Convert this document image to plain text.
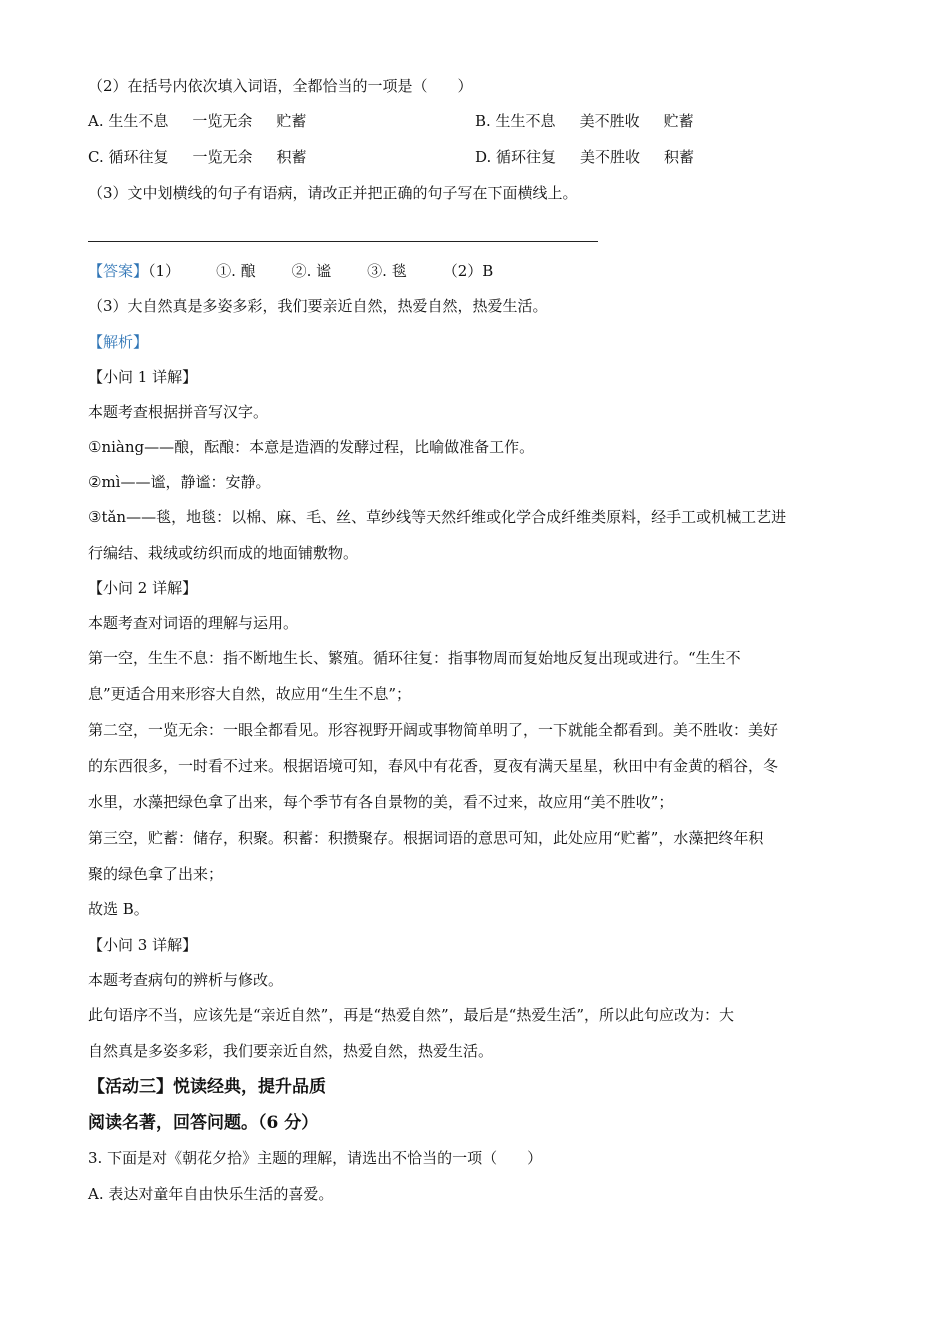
（2）在括号内依次填入词语，全都恰当的一项是（　　）
A. 生生不息 一览无余 贮蓄	B. 生生不息 美不胜收 贮蓄
C. 循环往复 一览无余 积蓄	D. 循环往复 美不胜收 积蓄
（3）文中划横线的句子有语病，请改正并把正确的句子写在下面横线上。
【答案】（1） ①. 酿 ②. 谧 ③. 毯 （2）B
（3）大自然真是多姿多彩，我们要亲近自然，热爱自然，热爱生活。
【解析】
【小问 1 详解】
本题考查根据拼音写汉字。
①niàng——酿，酝酿：本意是造酒的发酵过程，比喻做准备工作。
②mì——谧，静谧：安静。
③tǎn——毯，地毯：以棉、麻、毛、丝、草纱线等天然纤维或化学合成纤维类原料，经手工或机械工艺进
行编结、栽绒或纺织而成的地面铺敷物。
【小问 2 详解】
本题考查对词语的理解与运用。
第一空，生生不息：指不断地生长、繁殖。循环往复：指事物周而复始地反复出现或进行。“生生不
息”更适合用来形容大自然，故应用“生生不息”；
第二空，一览无余：一眼全都看见。形容视野开阔或事物简单明了，一下就能全都看到。美不胜收：美好
的东西很多，一时看不过来。根据语境可知，春风中有花香，夏夜有满天星星，秋田中有金黄的稻谷，冬
水里，水藻把绿色拿了出来，每个季节有各自景物的美，看不过来，故应用“美不胜收”；
第三空，贮蓄：储存，积聚。积蓄：积攒聚存。根据词语的意思可知，此处应用“贮蓄”，水藻把终年积
聚的绿色拿了出来；
故选 B。
【小问 3 详解】
本题考查病句的辨析与修改。
此句语序不当，应该先是“亲近自然”，再是“热爱自然”，最后是“热爱生活”，所以此句应改为：大
自然真是多姿多彩，我们要亲近自然，热爱自然，热爱生活。
【活动三】悦读经典，提升品质
阅读名著，回答问题。（6 分）
3. 下面是对《朝花夕拾》主题的理解，请选出不恰当的一项（　　）
A. 表达对童年自由快乐生活的喜爱。
